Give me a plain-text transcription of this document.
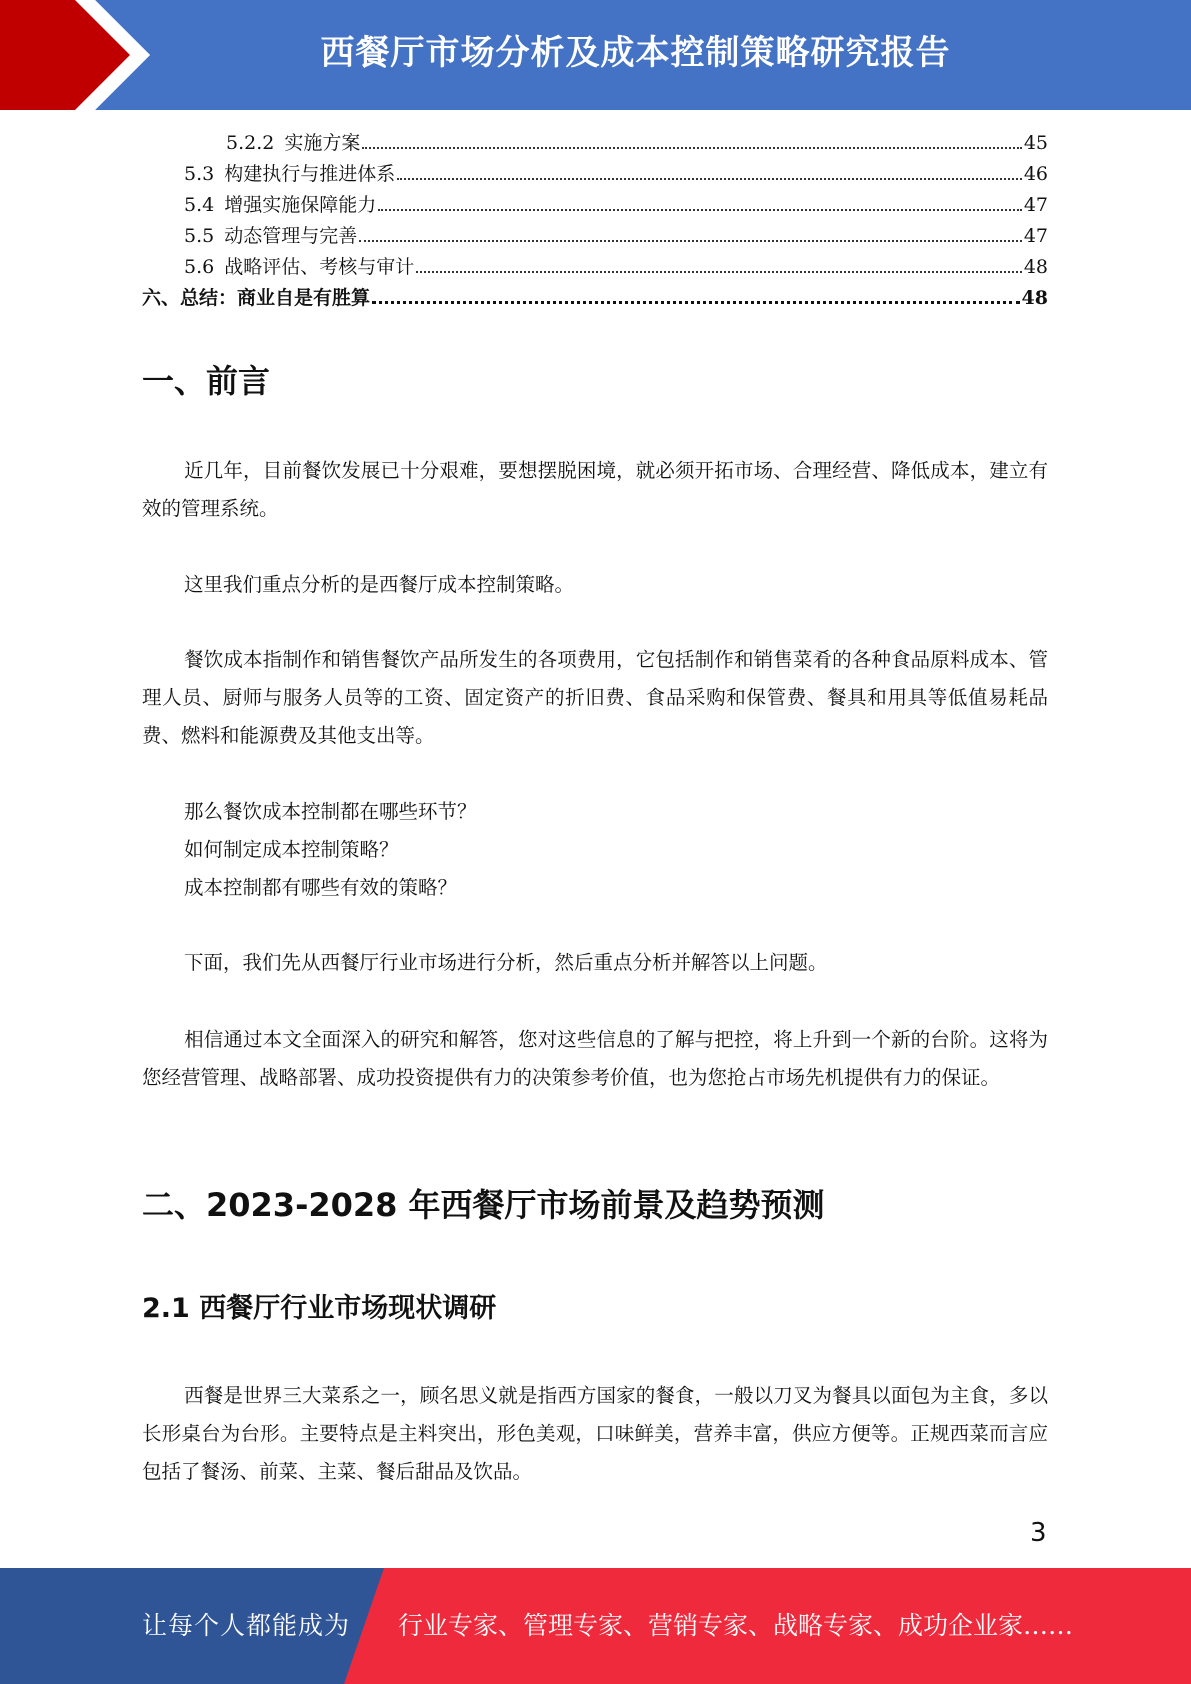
西餐厅市场分析及成本控制策略研究报告
5.2.2 实施方案	45
5.3 构建执行与推进体系	46
5.4 增强实施保障能力	47
5.5 动态管理与完善	47
5.6 战略评估、考核与审计	48
六、总结：商业自是有胜算	48
一、前言
近几年，目前餐饮发展已十分艰难，要想摆脱困境，就必须开拓市场、合理经营、降低成本，建立有效的管理系统。
这里我们重点分析的是西餐厅成本控制策略。
餐饮成本指制作和销售餐饮产品所发生的各项费用，它包括制作和销售菜肴的各种食品原料成本、管理人员、厨师与服务人员等的工资、固定资产的折旧费、食品采购和保管费、餐具和用具等低值易耗品费、燃料和能源费及其他支出等。
那么餐饮成本控制都在哪些环节？
如何制定成本控制策略？
成本控制都有哪些有效的策略？
下面，我们先从西餐厅行业市场进行分析，然后重点分析并解答以上问题。
相信通过本文全面深入的研究和解答，您对这些信息的了解与把控，将上升到一个新的台阶。这将为您经营管理、战略部署、成功投资提供有力的决策参考价值，也为您抢占市场先机提供有力的保证。
二、2023-2028 年西餐厅市场前景及趋势预测
2.1 西餐厅行业市场现状调研
西餐是世界三大菜系之一，顾名思义就是指西方国家的餐食，一般以刀叉为餐具以面包为主食，多以长形桌台为台形。主要特点是主料突出，形色美观，口味鲜美，营养丰富，供应方便等。正规西菜而言应包括了餐汤、前菜、主菜、餐后甜品及饮品。
3
让每个人都能成为 行业专家、管理专家、营销专家、战略专家、成功企业家……
